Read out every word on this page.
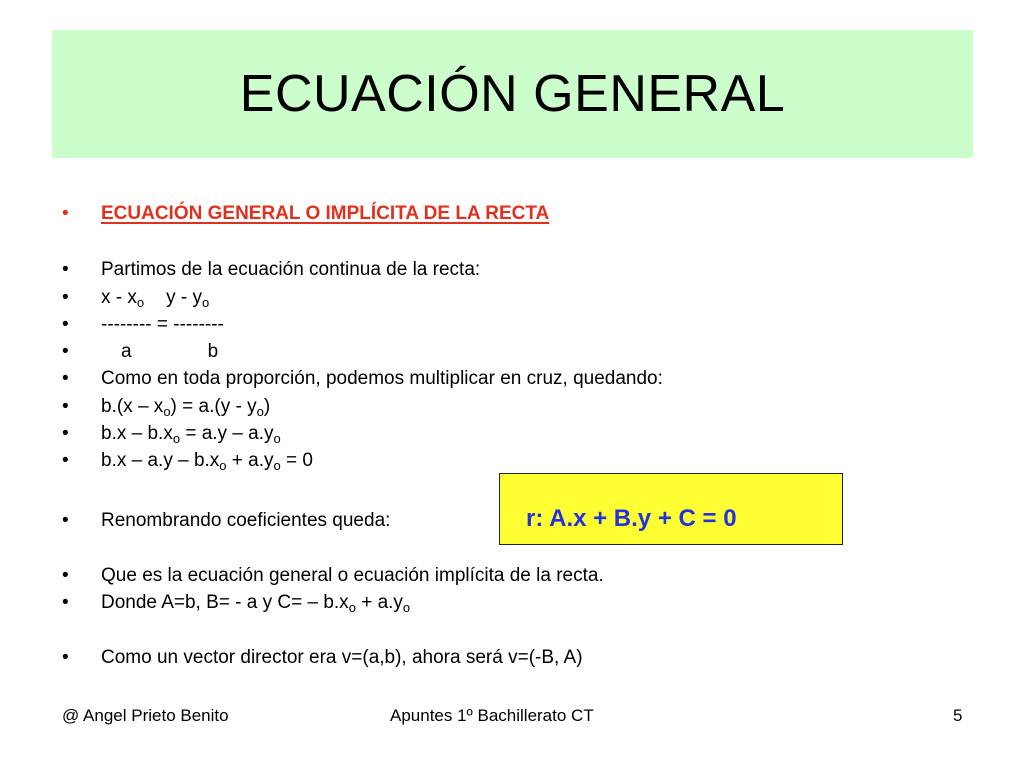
ECUACIÓN GENERAL
• ECUACIÓN GENERAL O IMPLÍCITA DE LA RECTA
• Partimos de la ecuación continua de la recta:
• x - $x_o$ y - $y_o$
• -------- = --------
•	a	b
• Como en toda proporción, podemos multiplicar en cruz, quedando:
• $b.(x - x_o) = a.(y - y_o)$
• $b.x - b.x_o = a.y - a.y_o$
• $b.x - a.y - b.x_o + a.y_o = 0$
• Renombrando coeficientes queda:	r: A.x + B.y + C = 0
• Que es la ecuación general o ecuación implícita de la recta.
• Donde A=b, B= - a y $C= - b.x_o + a.y_o$
• Como un vector director era v=(a,b), ahora será v=(-B, A)
@ Angel Prieto Benito	Apuntes 1º Bachillerato CT	5
